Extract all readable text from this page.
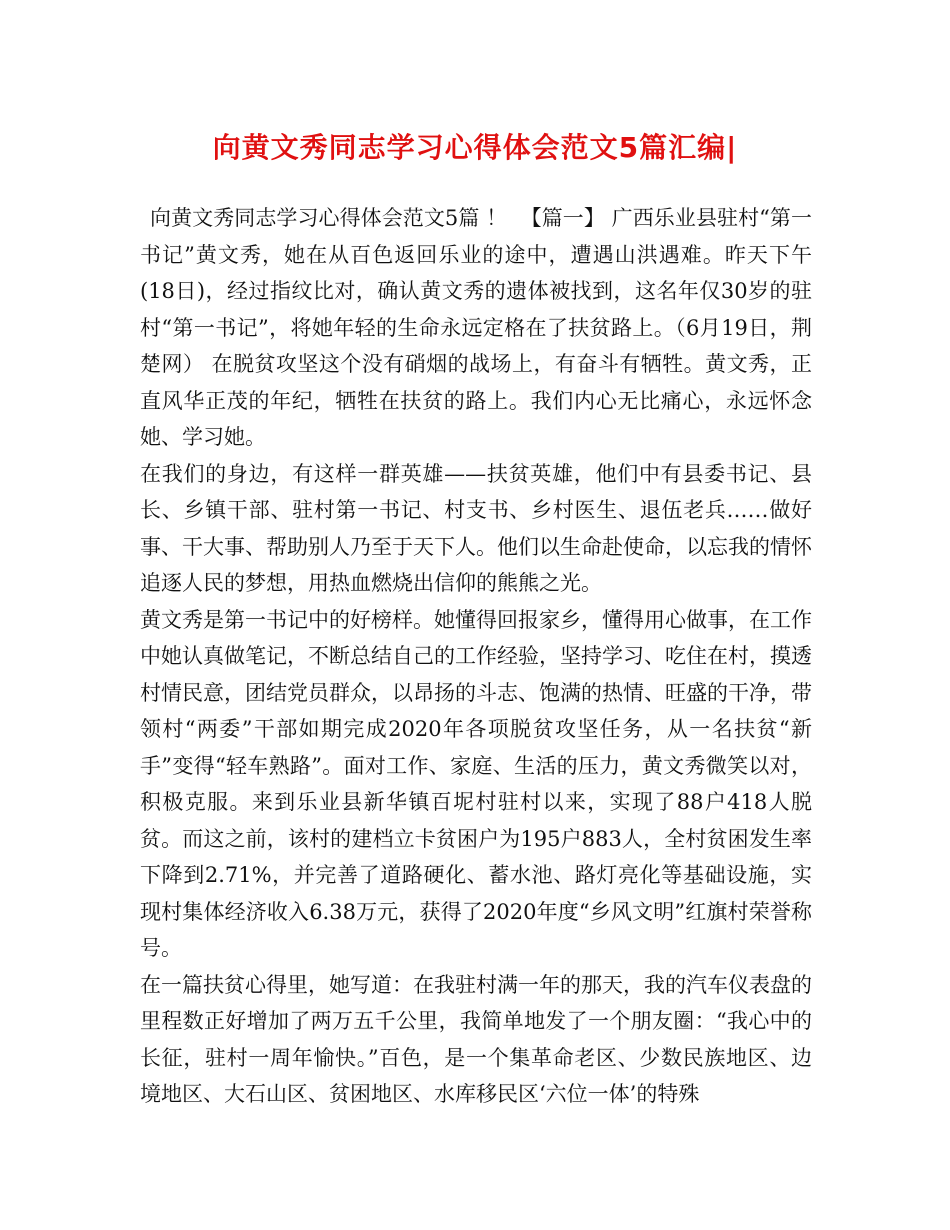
向黄文秀同志学习心得体会范文5篇汇编|

向黄文秀同志学习心得体会范文5篇 ！  【篇一】 广西乐业县驻村“第一书记”黄文秀，她在从百色返回乐业的途中，遭遇山洪遇难。昨天下午(18日)，经过指纹比对，确认黄文秀的遗体被找到，这名年仅30岁的驻村“第一书记”，将她年轻的生命永远定格在了扶贫路上。（6月19日，荆楚网） 在脱贫攻坚这个没有硝烟的战场上，有奋斗有牺牲。黄文秀，正直风华正茂的年纪，牺牲在扶贫的路上。我们内心无比痛心，永远怀念她、学习她。

在我们的身边，有这样一群英雄——扶贫英雄，他们中有县委书记、县长、乡镇干部、驻村第一书记、村支书、乡村医生、退伍老兵……做好事、干大事、帮助别人乃至于天下人。他们以生命赴使命，以忘我的情怀追逐人民的梦想，用热血燃烧出信仰的熊熊之光。

黄文秀是第一书记中的好榜样。她懂得回报家乡，懂得用心做事，在工作中她认真做笔记，不断总结自己的工作经验，坚持学习、吃住在村，摸透村情民意，团结党员群众，以昂扬的斗志、饱满的热情、旺盛的干净，带领村“两委”干部如期完成2020年各项脱贫攻坚任务，从一名扶贫“新手”变得“轻车熟路”。面对工作、家庭、生活的压力，黄文秀微笑以对，积极克服。来到乐业县新华镇百坭村驻村以来，实现了88户418人脱贫。而这之前，该村的建档立卡贫困户为195户883人，全村贫困发生率下降到2.71%，并完善了道路硬化、蓄水池、路灯亮化等基础设施，实现村集体经济收入6.38万元，获得了2020年度“乡风文明”红旗村荣誉称号。

在一篇扶贫心得里，她写道：在我驻村满一年的那天，我的汽车仪表盘的里程数正好增加了两万五千公里，我简单地发了一个朋友圈：“我心中的长征，驻村一周年愉快。”百色，是一个集革命老区、少数民族地区、边境地区、大石山区、贫困地区、水库移民区‘六位一体’的特殊
